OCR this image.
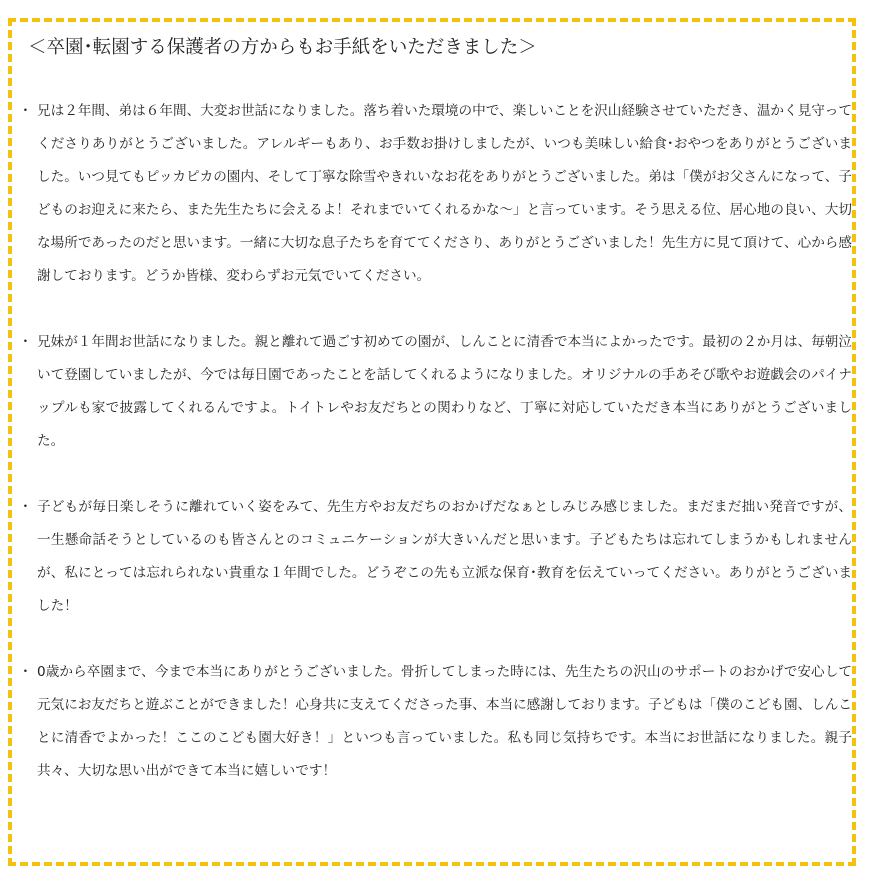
＜卒園･転園する保護者の方からもお手紙をいただきました＞
･ 兄は２年間、弟は６年間、大変お世話になりました。落ち着いた環境の中で、楽しいことを沢山経験させていただき、温かく見守ってくださりありがとうございました。アレルギーもあり、お手数お掛けしましたが、いつも美味しい給食･おやつをありがとうございました。いつ見てもピッカピカの園内、そして丁寧な除雪やきれいなお花をありがとうございました。弟は「僕がお父さんになって、子どものお迎えに来たら、また先生たちに会えるよ！それまでいてくれるかな～」と言っています。そう思える位、居心地の良い、大切な場所であったのだと思います。一緒に大切な息子たちを育ててくださり、ありがとうございました！先生方に見て頂けて、心から感謝しております。どうか皆様、変わらずお元気でいてください。
･ 兄妹が１年間お世話になりました。親と離れて過ごす初めての園が、しんことに清香で本当によかったです。最初の２か月は、毎朝泣いて登園していましたが、今では毎日園であったことを話してくれるようになりました。オリジナルの手あそび歌やお遊戯会のパイナップルも家で披露してくれるんですよ。トイトレやお友だちとの関わりなど、丁寧に対応していただき本当にありがとうございました。
･ 子どもが毎日楽しそうに離れていく姿をみて、先生方やお友だちのおかげだなぁとしみじみ感じました。まだまだ拙い発音ですが、一生懸命話そうとしているのも皆さんとのコミュニケーションが大きいんだと思います。子どもたちは忘れてしまうかもしれませんが、私にとっては忘れられない貴重な１年間でした。どうぞこの先も立派な保育･教育を伝えていってください。ありがとうございました！
･ 0歳から卒園まで、今まで本当にありがとうございました。骨折してしまった時には、先生たちの沢山のサポートのおかげで安心して元気にお友だちと遊ぶことができました！心身共に支えてくださった事、本当に感謝しております。子どもは「僕のこども園、しんことに清香でよかった！ここのこども園大好き！」といつも言っていました。私も同じ気持ちです。本当にお世話になりました。親子共々、大切な思い出ができて本当に嬉しいです！
